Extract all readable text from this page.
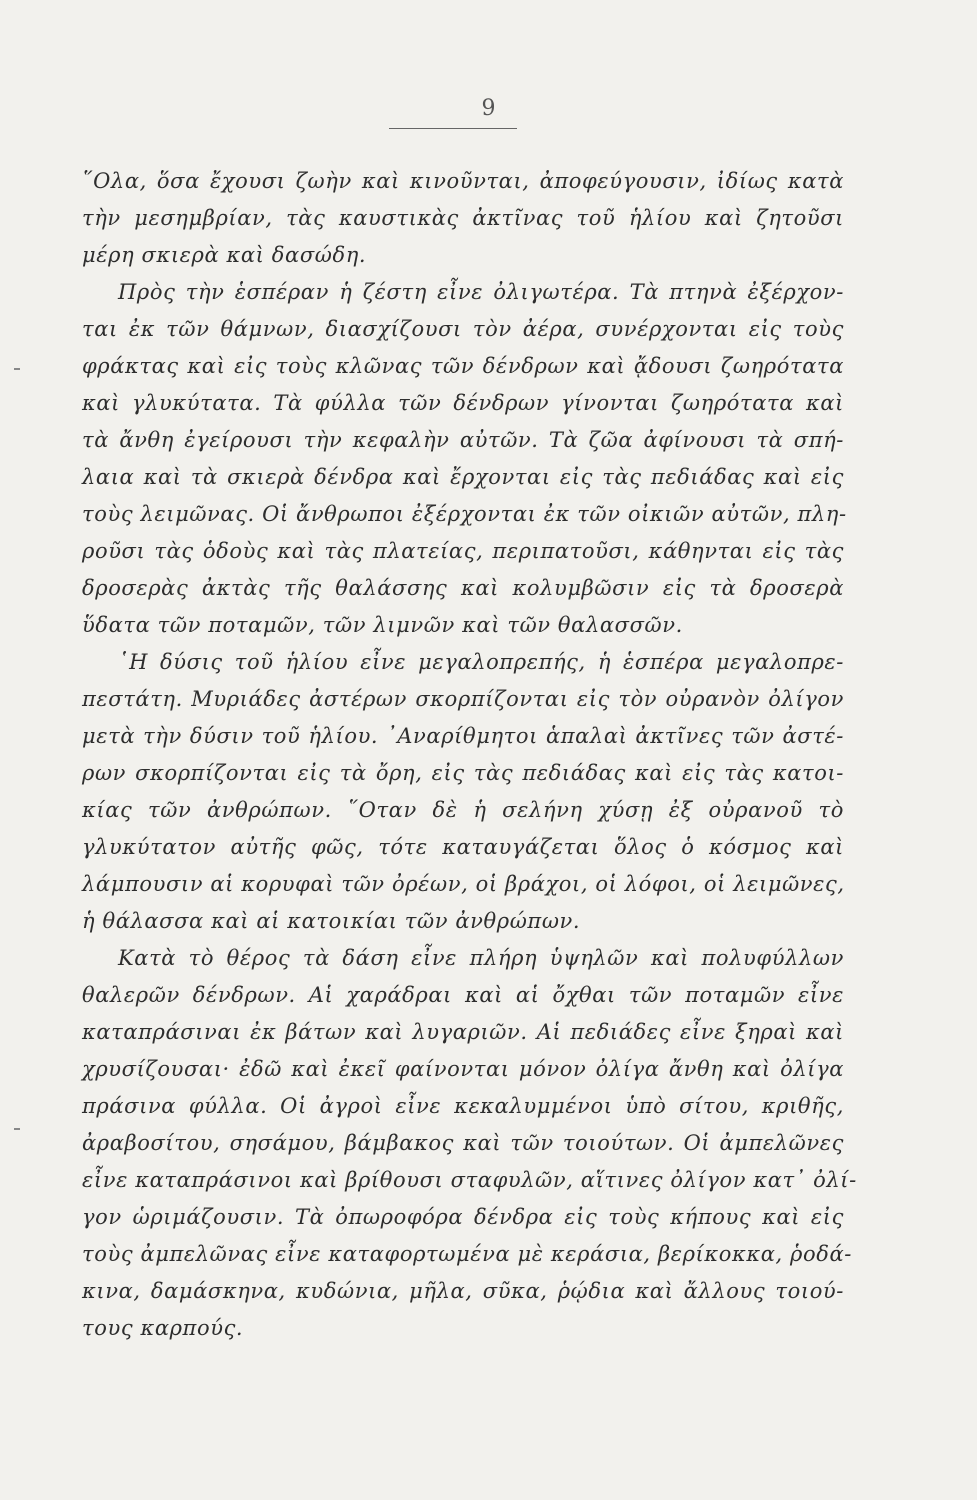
9
῞Ολα, ὅσα ἔχουσι ζωὴν καὶ κινοῦνται, ἀποφεύγουσιν, ἰδίως κατὰ
τὴν μεσημβρίαν, τὰς καυστικὰς ἀκτῖνας τοῦ ἡλίου καὶ ζητοῦσι
μέρη σκιερὰ καὶ δασώδη.
Πρὸς τὴν ἑσπέραν ἡ ζέστη εἶνε ὀλιγωτέρα. Τὰ πτηνὰ ἐξέρχον-
ται ἐκ τῶν θάμνων, διασχίζουσι τὸν ἀέρα, συνέρχονται εἰς τοὺς
φράκτας καὶ εἰς τοὺς κλῶνας τῶν δένδρων καὶ ᾄδουσι ζωηρότατα
καὶ γλυκύτατα. Τὰ φύλλα τῶν δένδρων γίνονται ζωηρότατα καὶ
τὰ ἄνθη ἐγείρουσι τὴν κεφαλὴν αὐτῶν. Τὰ ζῶα ἀφίνουσι τὰ σπή-
λαια καὶ τὰ σκιερὰ δένδρα καὶ ἔρχονται εἰς τὰς πεδιάδας καὶ εἰς
τοὺς λειμῶνας. Οἱ ἄνθρωποι ἐξέρχονται ἐκ τῶν οἰκιῶν αὐτῶν, πλη-
ροῦσι τὰς ὁδοὺς καὶ τὰς πλατείας, περιπατοῦσι, κάθηνται εἰς τὰς
δροσερὰς ἀκτὰς τῆς θαλάσσης καὶ κολυμβῶσιν εἰς τὰ δροσερὰ
ὕδατα τῶν ποταμῶν, τῶν λιμνῶν καὶ τῶν θαλασσῶν.
῾Η δύσις τοῦ ἡλίου εἶνε μεγαλοπρεπής, ἡ ἑσπέρα μεγαλοπρε-
πεστάτη. Μυριάδες ἀστέρων σκορπίζονται εἰς τὸν οὐρανὸν ὀλίγον
μετὰ τὴν δύσιν τοῦ ἡλίου. ᾿Αναρίθμητοι ἁπαλαὶ ἀκτῖνες τῶν ἀστέ-
ρων σκορπίζονται εἰς τὰ ὄρη, εἰς τὰς πεδιάδας καὶ εἰς τὰς κατοι-
κίας τῶν ἀνθρώπων. ῞Οταν δὲ ἡ σελήνη χύσῃ ἐξ οὐρανοῦ τὸ
γλυκύτατον αὐτῆς φῶς, τότε καταυγάζεται ὅλος ὁ κόσμος καὶ
λάμπουσιν αἱ κορυφαὶ τῶν ὀρέων, οἱ βράχοι, οἱ λόφοι, οἱ λειμῶνες,
ἡ θάλασσα καὶ αἱ κατοικίαι τῶν ἀνθρώπων.
Κατὰ τὸ θέρος τὰ δάση εἶνε πλήρη ὑψηλῶν καὶ πολυφύλλων
θαλερῶν δένδρων. Αἱ χαράδραι καὶ αἱ ὄχθαι τῶν ποταμῶν εἶνε
καταπράσιναι ἐκ βάτων καὶ λυγαριῶν. Αἱ πεδιάδες εἶνε ξηραὶ καὶ
χρυσίζουσαι· ἐδῶ καὶ ἐκεῖ φαίνονται μόνον ὀλίγα ἄνθη καὶ ὀλίγα
πράσινα φύλλα. Οἱ ἀγροὶ εἶνε κεκαλυμμένοι ὑπὸ σίτου, κριθῆς,
ἀραβοσίτου, σησάμου, βάμβακος καὶ τῶν τοιούτων. Οἱ ἀμπελῶνες
εἶνε καταπράσινοι καὶ βρίθουσι σταφυλῶν, αἵτινες ὀλίγον κατ᾿ ὀλί-
γον ὡριμάζουσιν. Τὰ ὀπωροφόρα δένδρα εἰς τοὺς κήπους καὶ εἰς
τοὺς ἀμπελῶνας εἶνε καταφορτωμένα μὲ κεράσια, βερίκοκκα, ῥοδά-
κινα, δαμάσκηνα, κυδώνια, μῆλα, σῦκα, ῥῴδια καὶ ἄλλους τοιού-
τους καρπούς.
